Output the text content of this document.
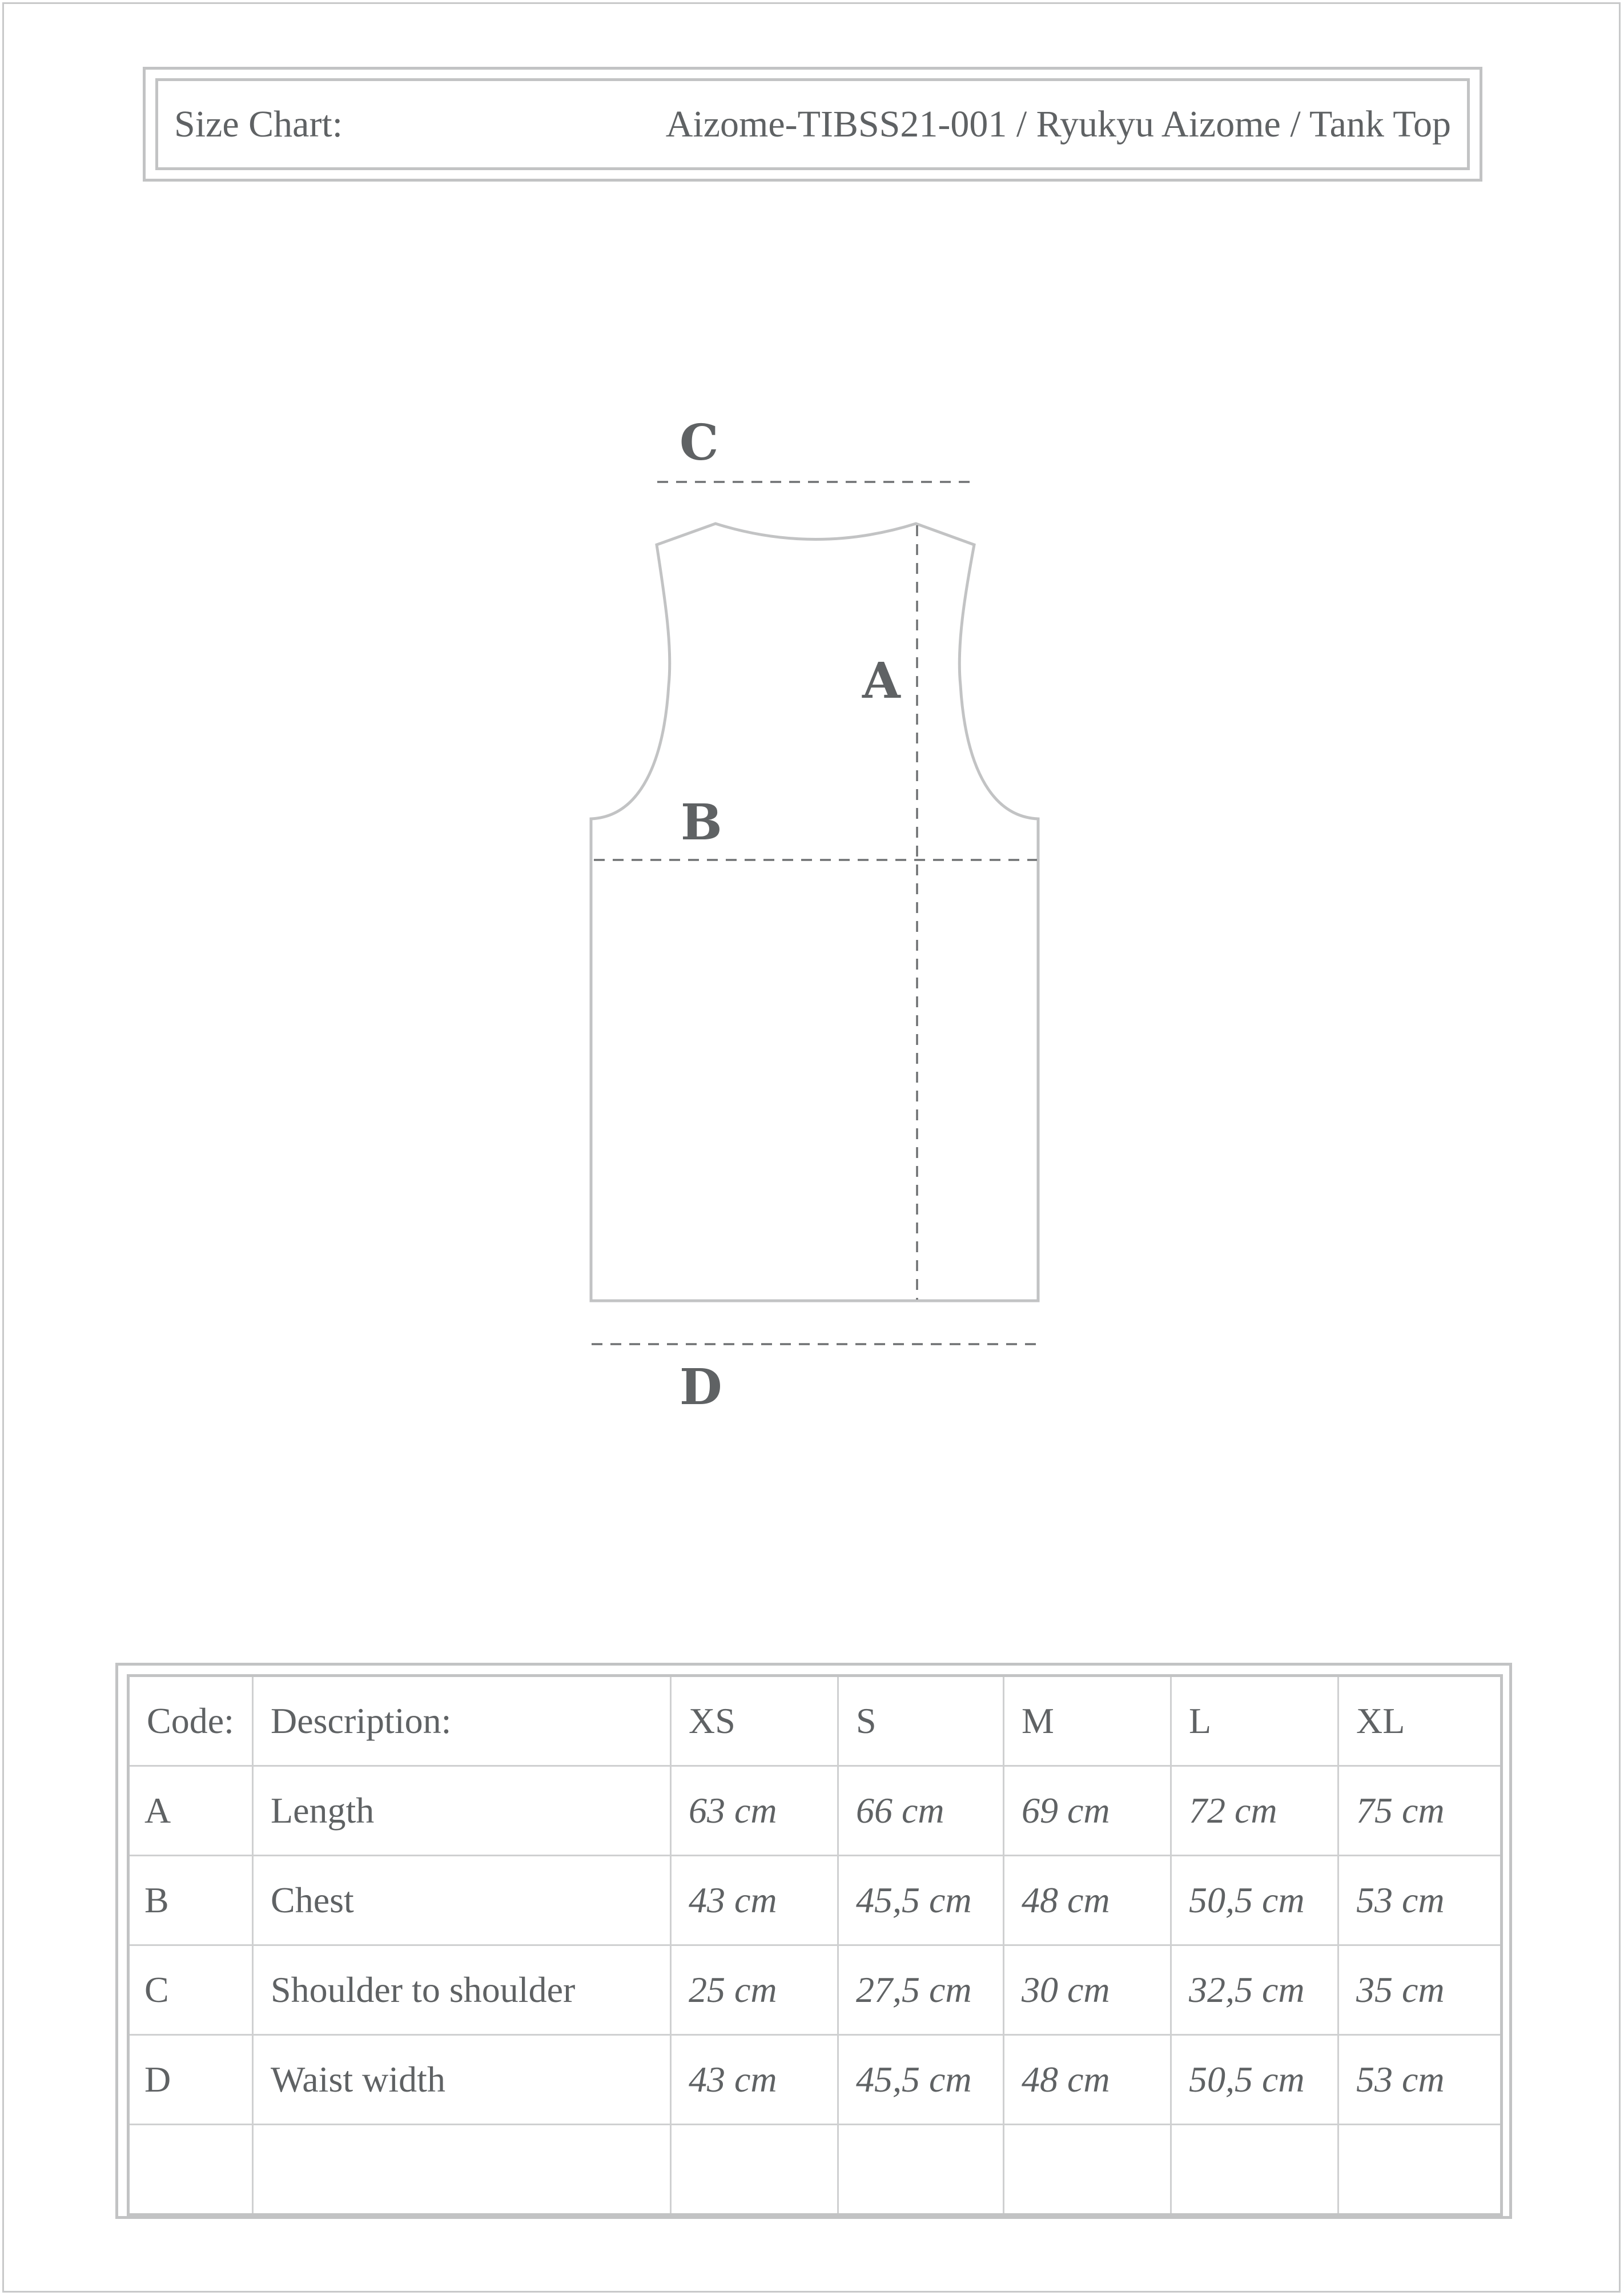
Size Chart:	Aizome-TIBSS21-001 / Ryukyu Aizome / Tank Top
C
A
B
D
Code:	Description:	XS	S	M	L	XL
A	Length	63 cm	66 cm	69 cm	72 cm	75 cm
B	Chest	43 cm	45,5 cm	48 cm	50,5 cm	53 cm
C	Shoulder to shoulder	25 cm	27,5 cm	30 cm	32,5 cm	35 cm
D	Waist width	43 cm	45,5 cm	48 cm	50,5 cm	53 cm
